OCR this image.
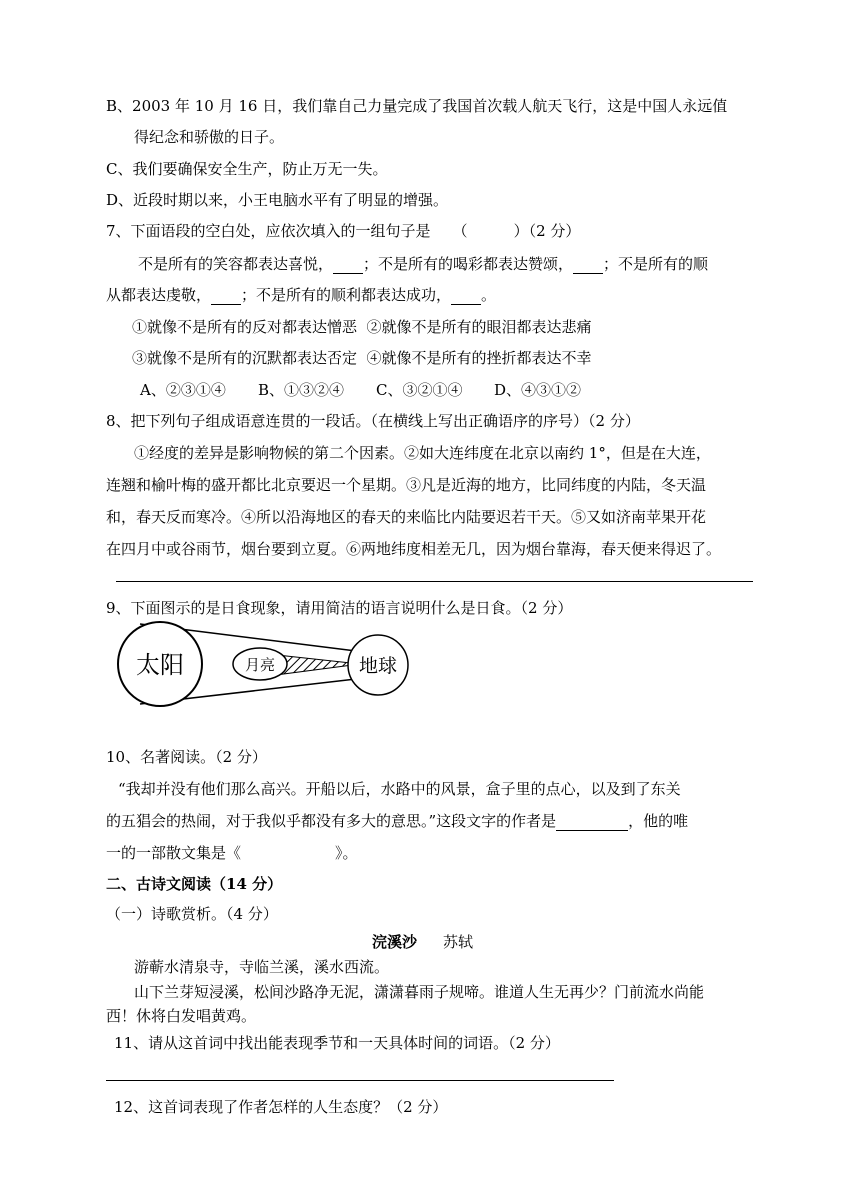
B、2003 年 10 月 16 日，我们靠自己力量完成了我国首次载人航天飞行，这是中国人永远值
得纪念和骄傲的日子。
C、我们要确保安全生产，防止万无一失。
D、近段时期以来，小王电脑水平有了明显的增强。
7、下面语段的空白处，应依次填入的一组句子是 （	）（2 分）
不是所有的笑容都表达喜悦， ；不是所有的喝彩都表达赞颂， ；不是所有的顺
从都表达虔敬， ；不是所有的顺利都表达成功， 。
①就像不是所有的反对都表达憎恶  ②就像不是所有的眼泪都表达悲痛
③就像不是所有的沉默都表达否定  ④就像不是所有的挫折都表达不幸
A、②③①④ B、①③②④ C、③②①④ D、④③①②
8、把下列句子组成语意连贯的一段话。（在横线上写出正确语序的序号）（2 分）
①经度的差异是影响物候的第二个因素。②如大连纬度在北京以南约 1°，但是在大连，
连翘和榆叶梅的盛开都比北京要迟一个星期。③凡是近海的地方，比同纬度的内陆，冬天温
和，春天反而寒冷。④所以沿海地区的春天的来临比内陆要迟若干天。⑤又如济南苹果开花
在四月中或谷雨节，烟台要到立夏。⑥两地纬度相差无几，因为烟台靠海，春天便来得迟了。
9、下面图示的是日食现象，请用简洁的语言说明什么是日食。（2 分）
太阳	月亮	地球
10、名著阅读。（2 分）
“我却并没有他们那么高兴。开船以后，水路中的风景，盒子里的点心，以及到了东关
的五猖会的热闹，对于我似乎都没有多大的意思。”这段文字的作者是	，他的唯
一的一部散文集是《	》。
二、古诗文阅读（14 分）
（一）诗歌赏析。（4 分）
浣溪沙 苏轼
游蕲水清泉寺，寺临兰溪，溪水西流。
山下兰芽短浸溪，松间沙路净无泥，潇潇暮雨子规啼。谁道人生无再少？门前流水尚能
西！休将白发唱黄鸡。
11、请从这首词中找出能表现季节和一天具体时间的词语。（2 分）
12、这首词表现了作者怎样的人生态度？（2 分）
